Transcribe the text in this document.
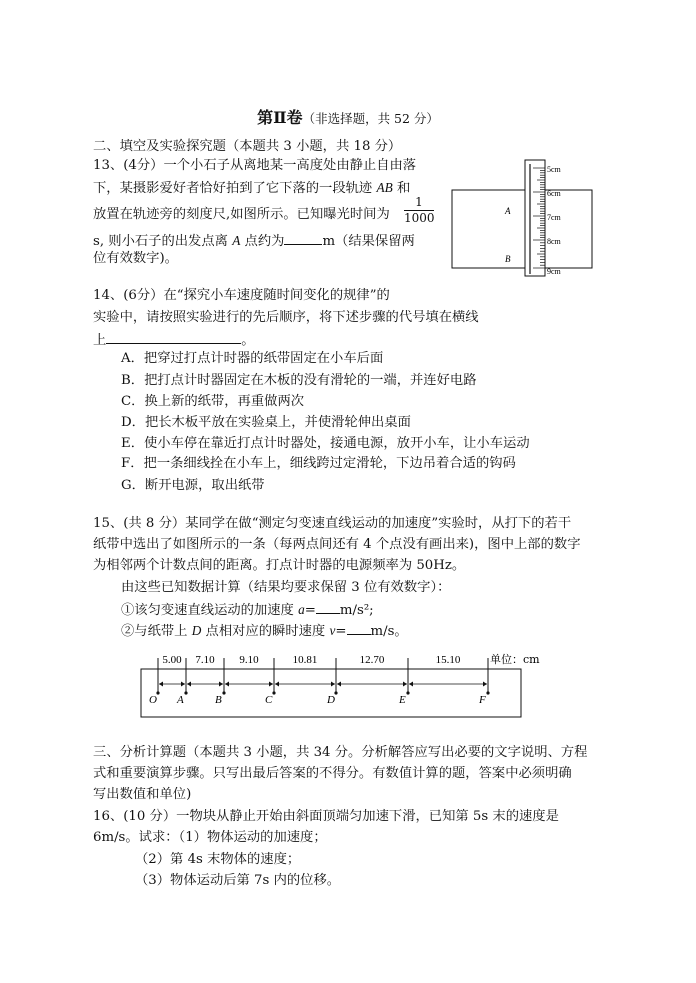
第Ⅱ卷（非选择题，共 52 分）
二、填空及实验探究题（本题共 3 小题，共 18 分）
13、(4分）一个小石子从离地某一高度处由静止自由落
下，某摄影爱好者恰好拍到了它下落的一段轨迹 AB 和
放置在轨迹旁的刻度尺,如图所示。已知曝光时间为 $\frac{1}{1000}$
s, 则小石子的出发点离 A 点约为	m（结果保留两
位有效数字)。
5cm
6cm
7cm
8cm
9cm
A
B
14、(6分）在“探究小车速度随时间变化的规律”的
实验中，请按照实验进行的先后顺序，将下述步骤的代号填在横线
上	。
A．把穿过打点计时器的纸带固定在小车后面
B．把打点计时器固定在木板的没有滑轮的一端，并连好电路
C．换上新的纸带，再重做两次
D．把长木板平放在实验桌上，并使滑轮伸出桌面
E．使小车停在靠近打点计时器处，接通电源，放开小车，让小车运动
F．把一条细线拴在小车上，细线跨过定滑轮，下边吊着合适的钩码
G．断开电源，取出纸带
15、(共 8 分）某同学在做“测定匀变速直线运动的加速度”实验时，从打下的若干
纸带中选出了如图所示的一条（每两点间还有 4 个点没有画出来)，图中上部的数字
为相邻两个计数点间的距离。打点计时器的电源频率为 50Hz。
由这些已知数据计算（结果均要求保留 3 位有效数字）：
①该匀变速直线运动的加速度 a= m/s²;
②与纸带上 D 点相对应的瞬时速度 v= m/s。
O A	B	C	D	E	F
5.00 7.10 9.10	10.81	12.70	15.10	单位：cm
三、分析计算题（本题共 3 小题，共 34 分。分析解答应写出必要的文字说明、方程
式和重要演算步骤。只写出最后答案的不得分。有数值计算的题，答案中必须明确
写出数值和单位)
16、(10 分）一物块从静止开始由斜面顶端匀加速下滑，已知第 5s 末的速度是
6m/s。试求：（1）物体运动的加速度；
（2）第 4s 末物体的速度；
（3）物体运动后第 7s 内的位移。
